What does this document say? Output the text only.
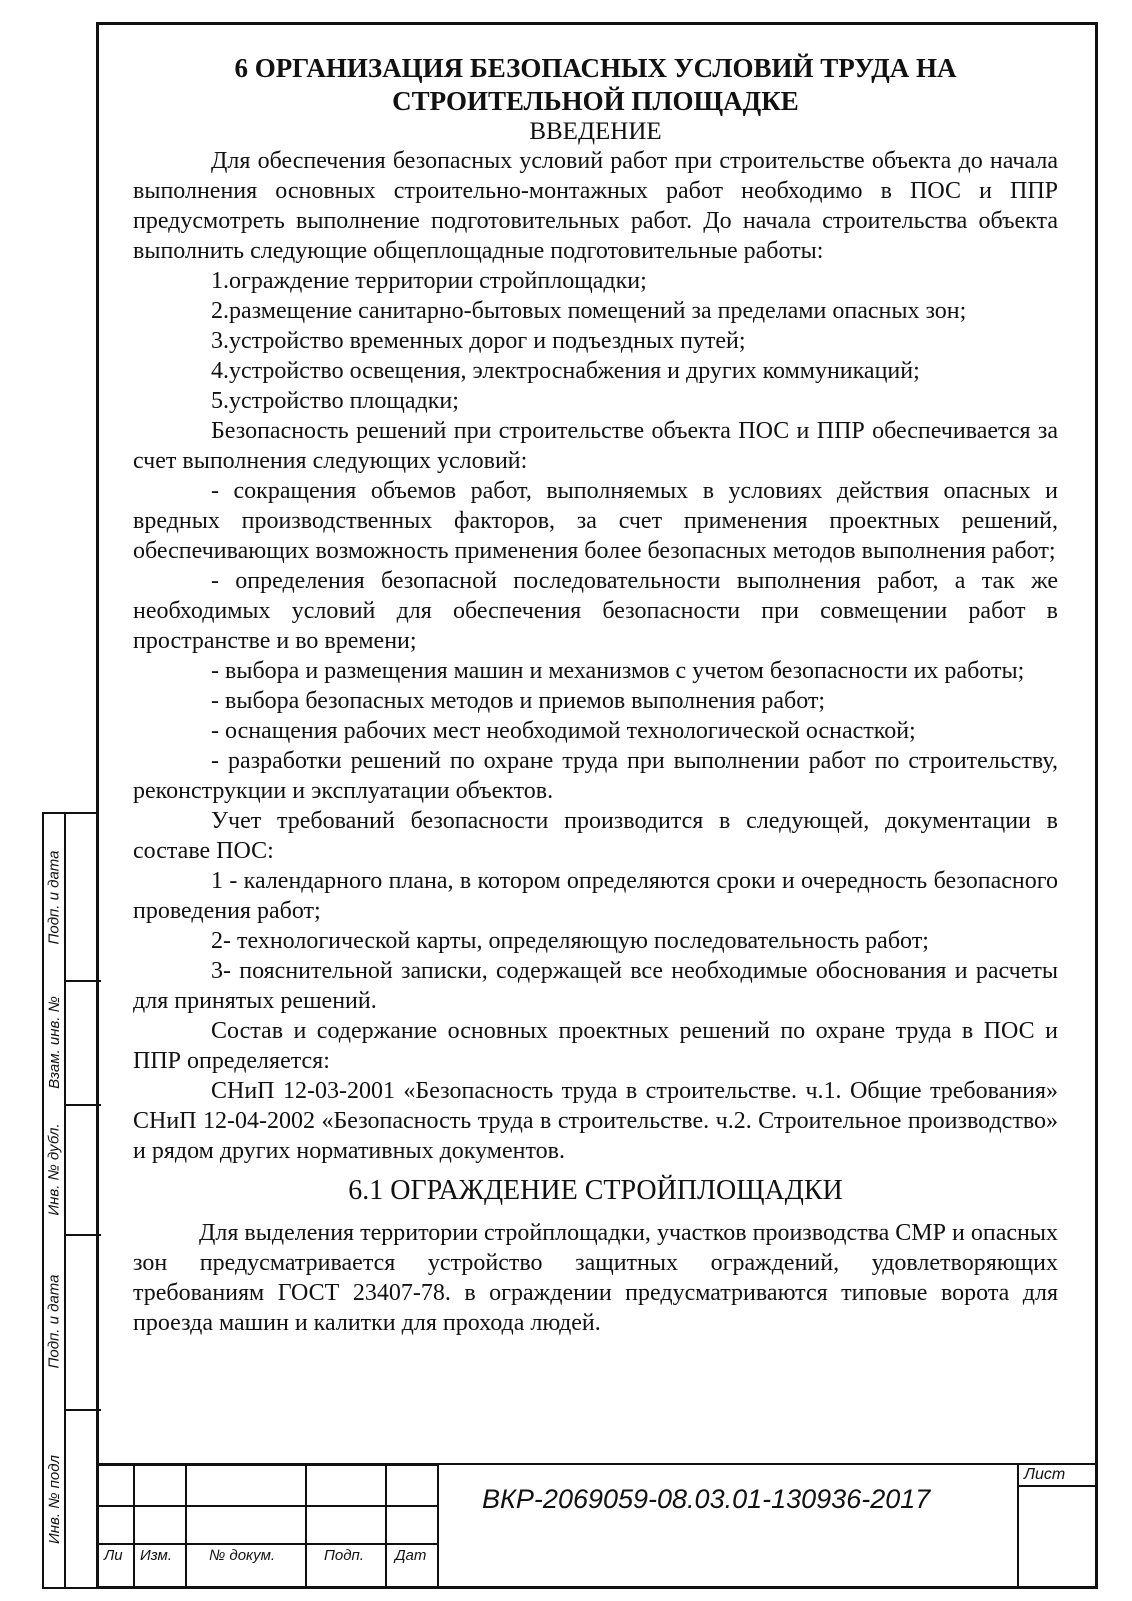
Подп. и дата
Взам. инв. №
Инв. № дубл.
Подп. и дата
Инв. № подл
6 ОРГАНИЗАЦИЯ БЕЗОПАСНЫХ УСЛОВИЙ ТРУДА НА
СТРОИТЕЛЬНОЙ ПЛОЩАДКЕ

ВВЕДЕНИЕ

Для обеспечения безопасных условий работ при строительстве объекта до начала выполнения основных строительно-монтажных работ необходимо в ПОС и ППР предусмотреть выполнение подготовительных работ. До начала строительства объекта выполнить следующие общеплощадные подготовительные работы:

1.ограждение территории стройплощадки;

2.размещение санитарно-бытовых помещений за пределами опасных зон;

3.устройство временных дорог и подъездных путей;

4.устройство освещения, электроснабжения и других коммуникаций;

5.устройство площадки;

Безопасность решений при строительстве объекта ПОС и ППР обеспечивается за счет выполнения следующих условий:

- сокращения объемов работ, выполняемых в условиях действия опасных и вредных производственных факторов, за счет применения проектных решений, обеспечивающих возможность применения более безопасных методов выполнения работ;

- определения безопасной последовательности выполнения работ, а так же необходимых условий для обеспечения безопасности при совмещении работ в пространстве и во времени;

- выбора и размещения машин и механизмов с учетом безопасности их работы;

- выбора безопасных методов и приемов выполнения работ;

- оснащения рабочих мест необходимой технологической оснасткой;

- разработки решений по охране труда при выполнении работ по строительству, реконструкции и эксплуатации объектов.

Учет требований безопасности производится в следующей, документации в составе ПОС:

1 - календарного плана, в котором определяются сроки и очередность безопасного проведения работ;

2- технологической карты, определяющую последовательность работ;

3- пояснительной записки, содержащей все необходимые обоснования и расчеты для принятых решений.

Состав и содержание основных проектных решений по охране труда в ПОС и ППР определяется:

СНиП 12-03-2001 «Безопасность труда в строительстве. ч.1. Общие требования» СНиП 12-04-2002 «Безопасность труда в строительстве. ч.2. Строительное производство» и рядом других нормативных документов.

6.1 ОГРАЖДЕНИЕ СТРОЙПЛОЩАДКИ

Для выделения территории стройплощадки, участков производства СМР и опасных зон предусматривается устройство защитных ограждений, удовлетворяющих требованиям ГОСТ 23407-78. в ограждении предусматриваются типовые ворота для проезда машин и калитки для прохода людей.

Ли Изм. № докум.	Подп. Дат
ВКР-2069059-08.03.01-130936-2017
Лист
